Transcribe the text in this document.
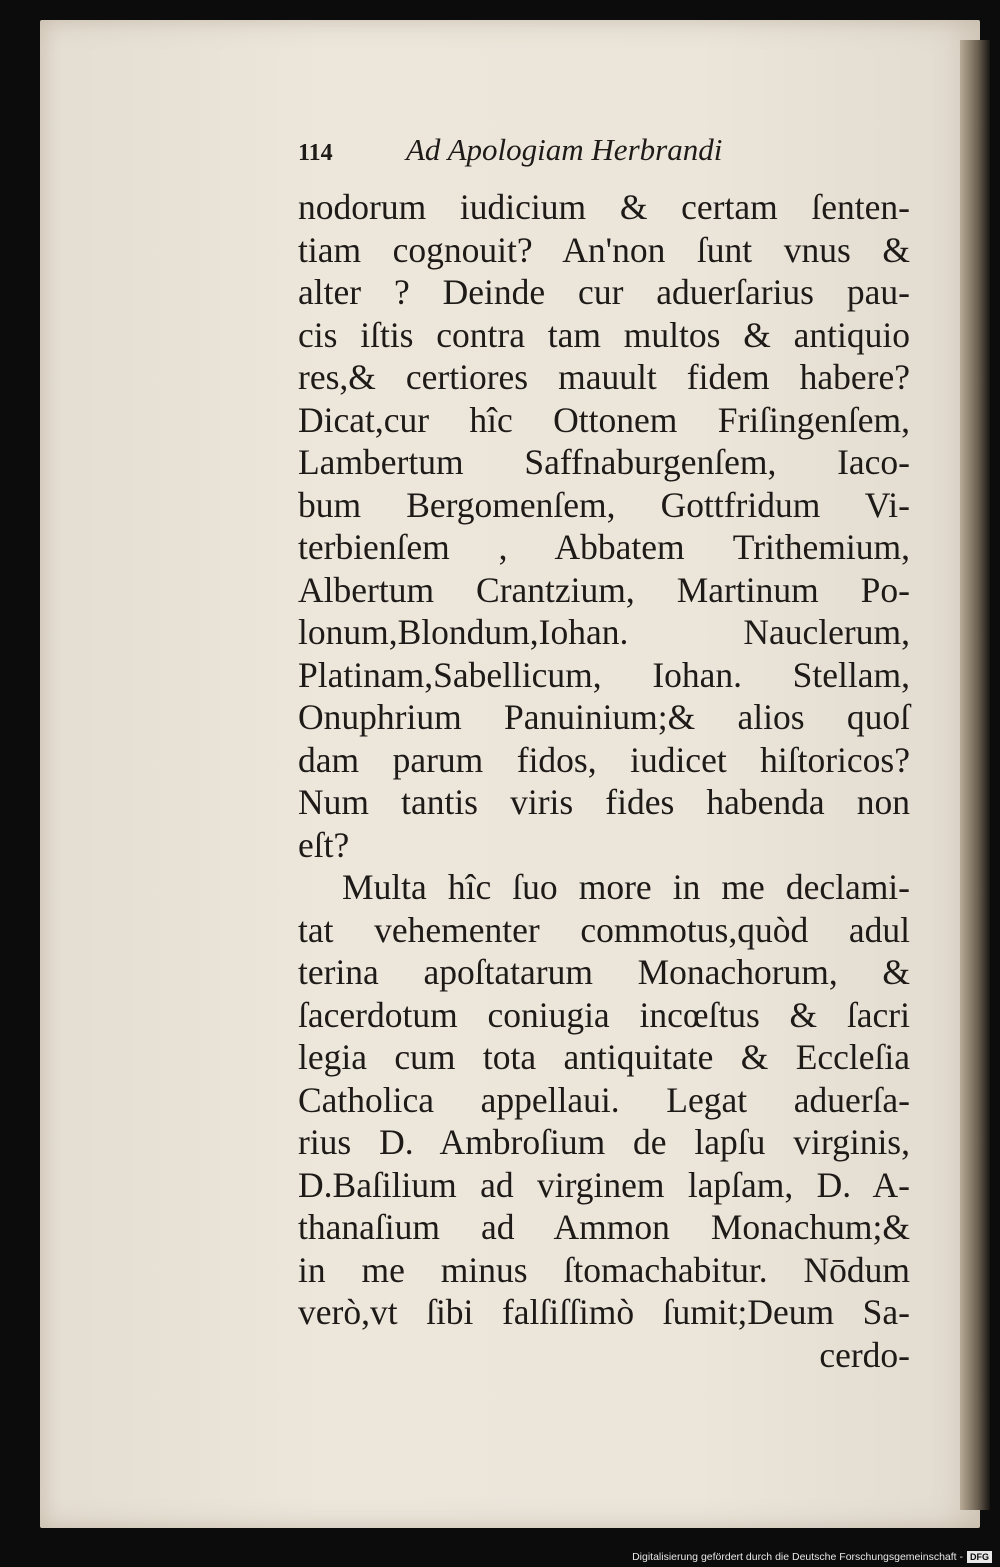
114	Ad Apologiam Herbrandi
nodorum iudicium & certam ſenten-
tiam cognouit? An'non ſunt vnus &
alter ? Deinde cur aduerſarius pau-
cis iſtis contra tam multos & antiquio
res,& certiores mauult fidem habere?
Dicat,cur hîc Ottonem Friſingenſem,
Lambertum Saffnaburgenſem, Iaco-
bum Bergomenſem, Gottfridum Vi-
terbienſem , Abbatem Trithemium,
Albertum Crantzium, Martinum Po-
lonum,Blondum,Iohan. Nauclerum,
Platinam,Sabellicum, Iohan. Stellam,
Onuphrium Panuinium;& alios quoſ
dam parum fidos, iudicet hiſtoricos?
Num tantis viris fides habenda non
eſt?
Multa hîc ſuo more in me declami-
tat vehementer commotus,quòd adul
terina apoſtatarum Monachorum, &
ſacerdotum coniugia incœſtus & ſacri
legia cum tota antiquitate & Eccleſia
Catholica appellaui. Legat aduerſa-
rius D. Ambroſium de lapſu virginis,
D.Baſilium ad virginem lapſam, D. A-
thanaſium ad Ammon Monachum;&
in me minus ſtomachabitur. Nōdum
verò,vt ſibi falſiſſimò ſumit;Deum Sa-
cerdo-
Digitalisierung gefördert durch die Deutsche Forschungsgemeinschaft - DFG
